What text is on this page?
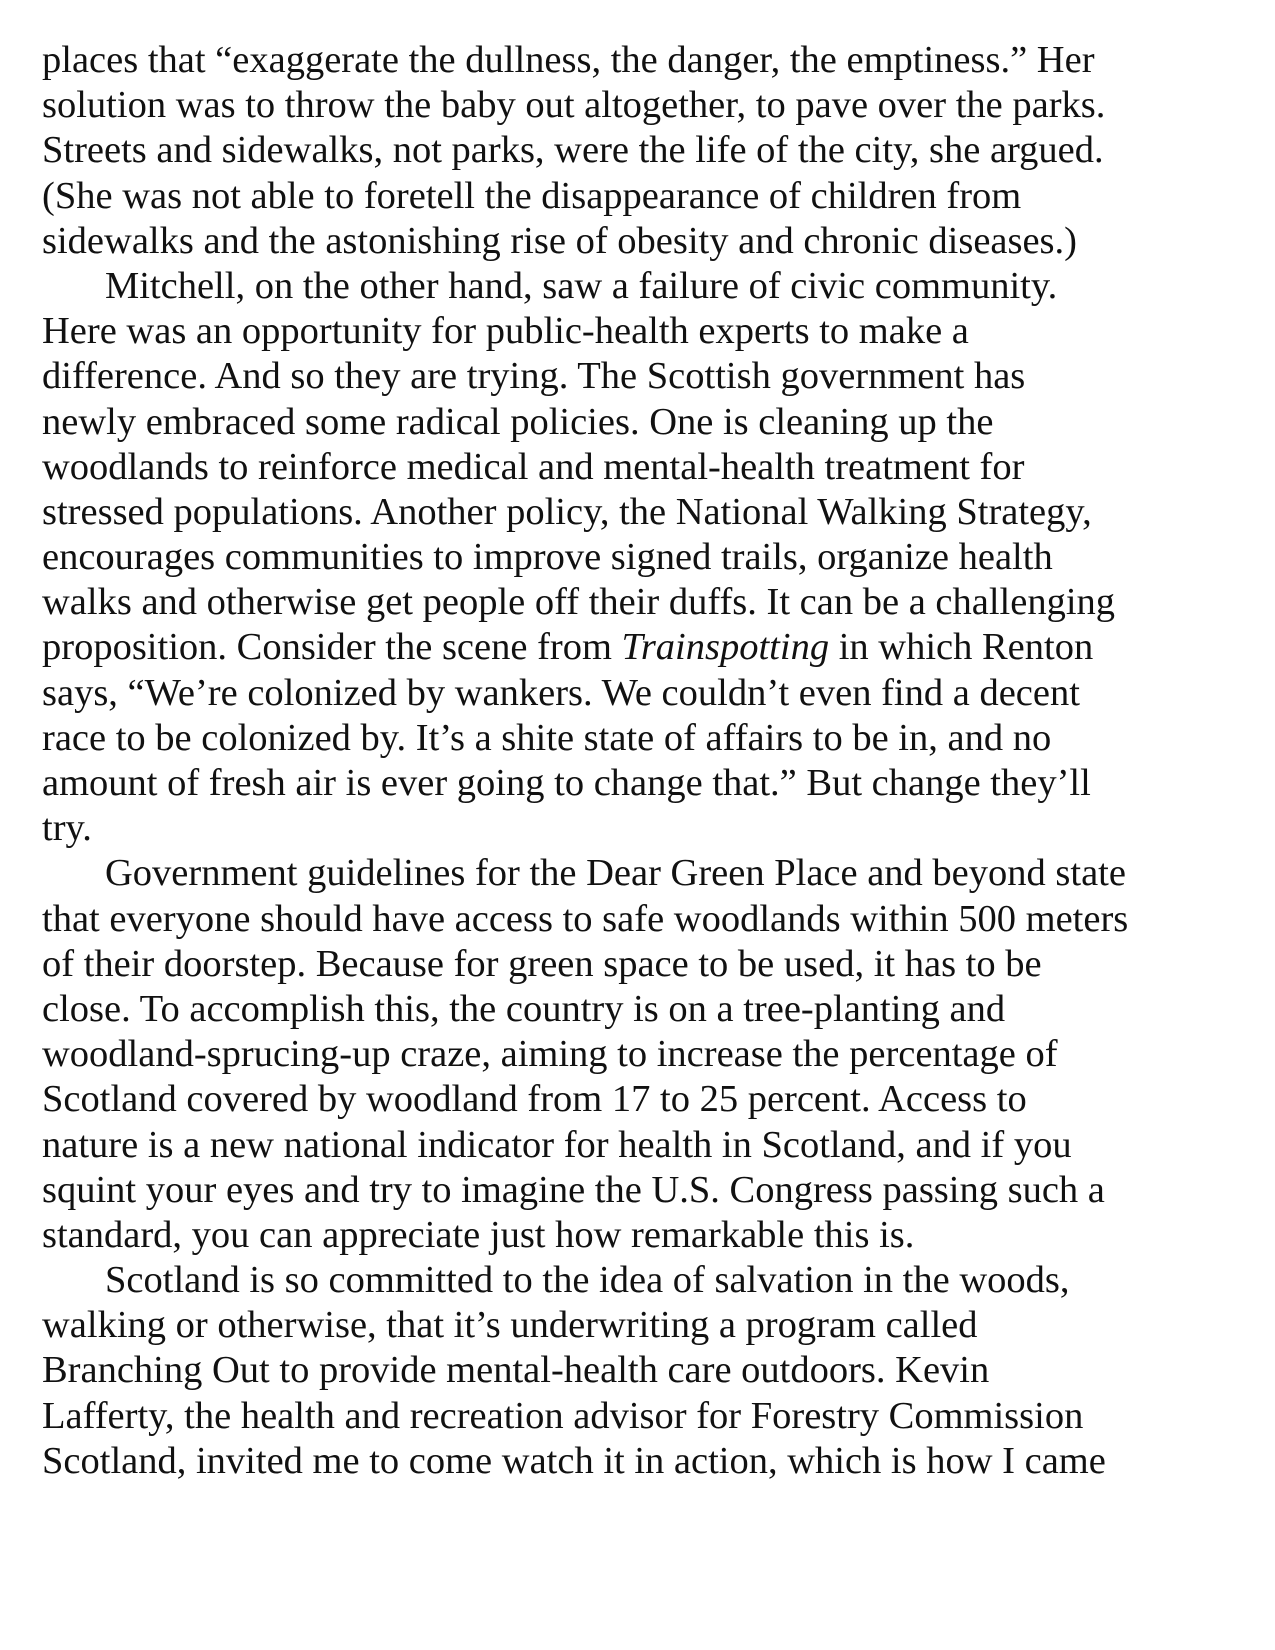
places that “exaggerate the dullness, the danger, the emptiness.” Her
solution was to throw the baby out altogether, to pave over the parks.
Streets and sidewalks, not parks, were the life of the city, she argued.
(She was not able to foretell the disappearance of children from
sidewalks and the astonishing rise of obesity and chronic diseases.)
Mitchell, on the other hand, saw a failure of civic community.
Here was an opportunity for public-health experts to make a
difference. And so they are trying. The Scottish government has
newly embraced some radical policies. One is cleaning up the
woodlands to reinforce medical and mental-health treatment for
stressed populations. Another policy, the National Walking Strategy,
encourages communities to improve signed trails, organize health
walks and otherwise get people off their duffs. It can be a challenging
proposition. Consider the scene from Trainspotting in which Renton
says, “We’re colonized by wankers. We couldn’t even find a decent
race to be colonized by. It’s a shite state of affairs to be in, and no
amount of fresh air is ever going to change that.” But change they’ll
try.
Government guidelines for the Dear Green Place and beyond state
that everyone should have access to safe woodlands within 500 meters
of their doorstep. Because for green space to be used, it has to be
close. To accomplish this, the country is on a tree-planting and
woodland-sprucing-up craze, aiming to increase the percentage of
Scotland covered by woodland from 17 to 25 percent. Access to
nature is a new national indicator for health in Scotland, and if you
squint your eyes and try to imagine the U.S. Congress passing such a
standard, you can appreciate just how remarkable this is.
Scotland is so committed to the idea of salvation in the woods,
walking or otherwise, that it’s underwriting a program called
Branching Out to provide mental-health care outdoors. Kevin
Lafferty, the health and recreation advisor for Forestry Commission
Scotland, invited me to come watch it in action, which is how I came
